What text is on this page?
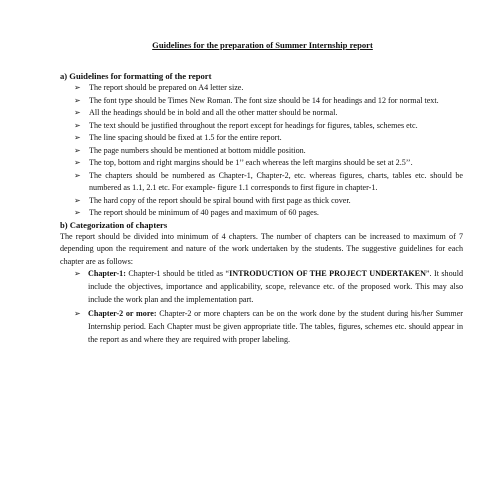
Guidelines for the preparation of Summer Internship report
a) Guidelines for formatting of the report
➢ The report should be prepared on A4 letter size.
➢ The font type should be Times New Roman. The font size should be 14 for headings and 12 for normal text.
➢ All the headings should be in bold and all the other matter should be normal.
➢ The text should be justified throughout the report except for headings for figures, tables, schemes etc.
➢ The line spacing should be fixed at 1.5 for the entire report.
➢ The page numbers should be mentioned at bottom middle position.
➢ The top, bottom and right margins should be 1’’ each whereas the left margins should be set at 2.5’’.
➢ The chapters should be numbered as Chapter-1, Chapter-2, etc. whereas figures, charts, tables etc. should be numbered as 1.1, 2.1 etc. For example- figure 1.1 corresponds to first figure in chapter-1.
➢ The hard copy of the report should be spiral bound with first page as thick cover.
➢ The report should be minimum of 40 pages and maximum of 60 pages.
b) Categorization of chapters

The report should be divided into minimum of 4 chapters. The number of chapters can be increased to maximum of 7 depending upon the requirement and nature of the work undertaken by the students. The suggestive guidelines for each chapter are as follows:

➢ Chapter-1: Chapter-1 should be titled as “INTRODUCTION OF THE PROJECT UNDERTAKEN”. It should include the objectives, importance and applicability, scope, relevance etc. of the proposed work. This may also include the work plan and the implementation part.
➢ Chapter-2 or more: Chapter-2 or more chapters can be on the work done by the student during his/her Summer Internship period. Each Chapter must be given appropriate title. The tables, figures, schemes etc. should appear in the report as and where they are required with proper labeling.
